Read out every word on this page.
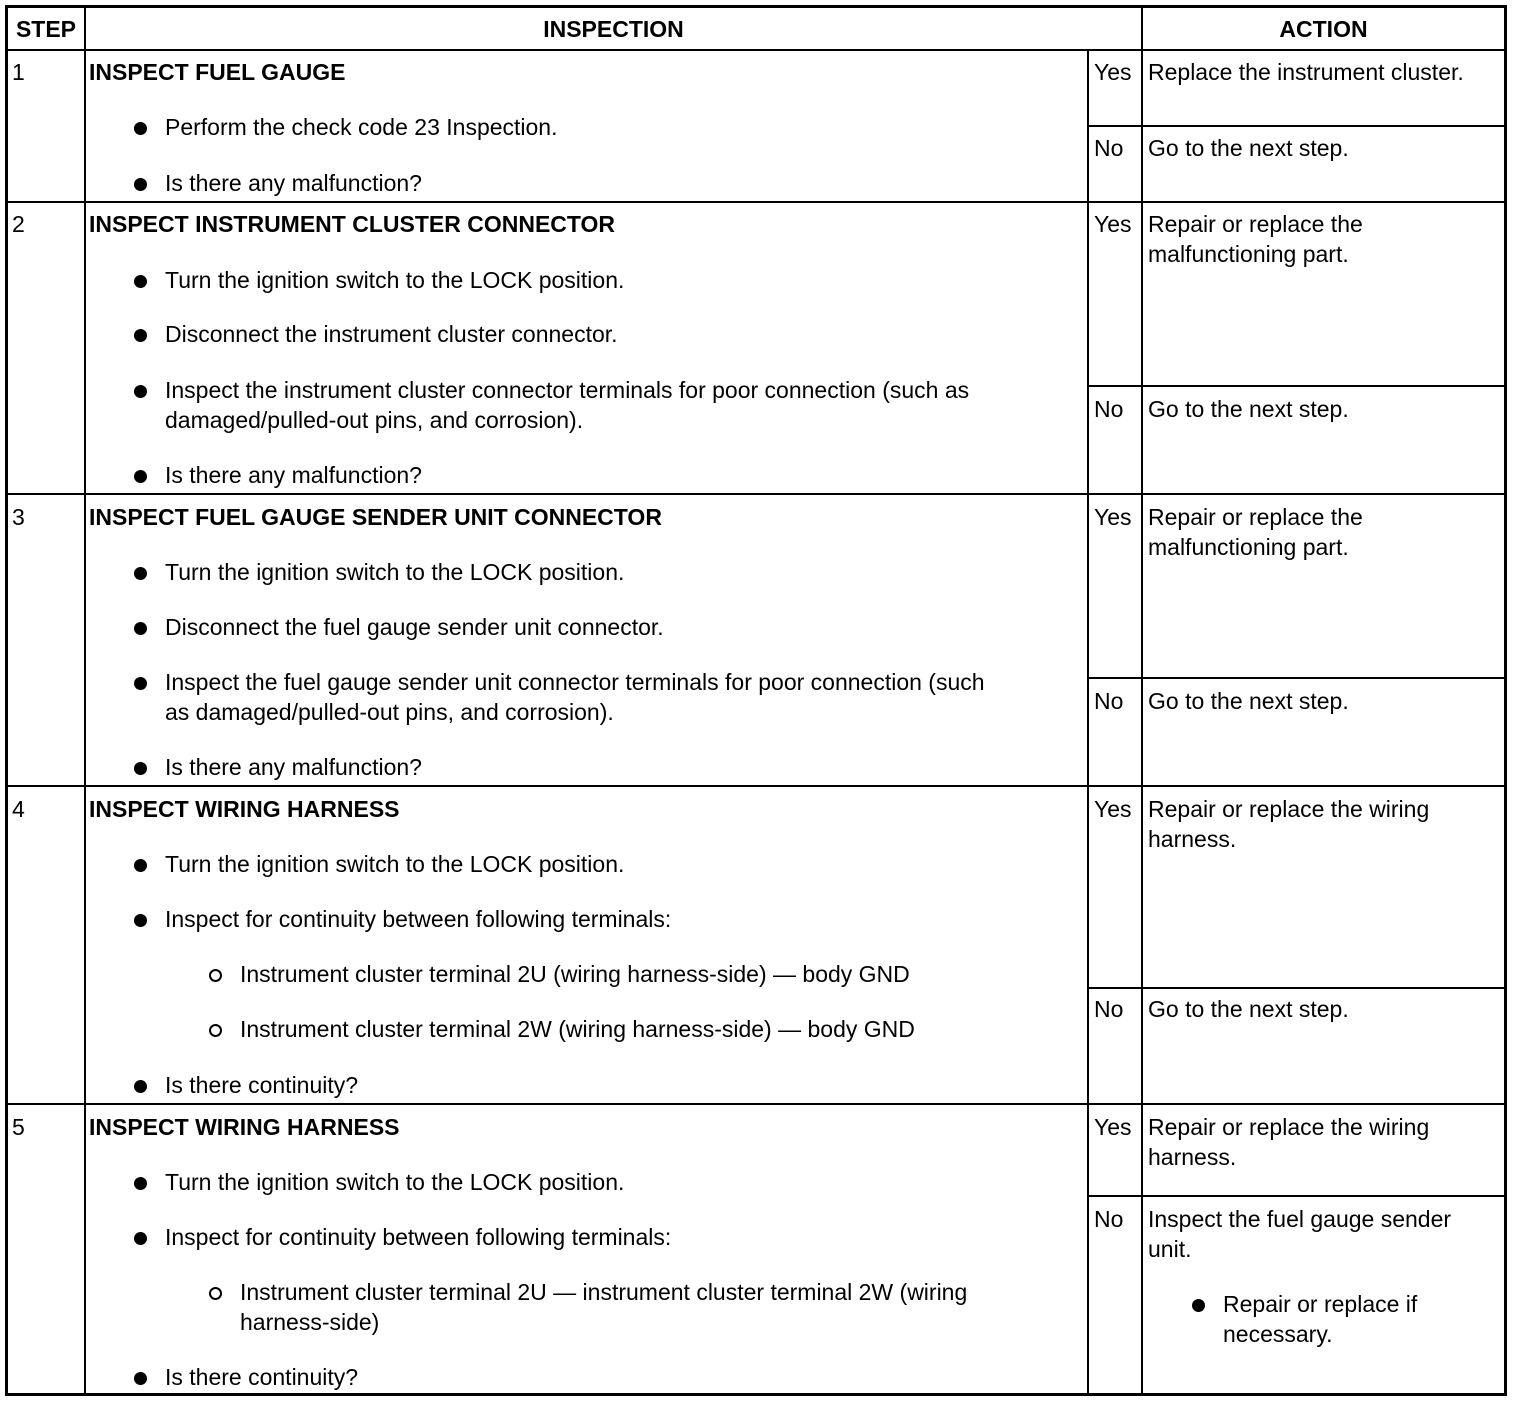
STEP	INSPECTION	ACTION
1	INSPECT FUEL GAUGE
Perform the check code 23 Inspection.
Is there any malfunction?
Yes Replace the instrument cluster.
No Go to the next step.
2	INSPECT INSTRUMENT CLUSTER CONNECTOR
Turn the ignition switch to the LOCK position.
Disconnect the instrument cluster connector.
Inspect the instrument cluster connector terminals for poor connection (such as
damaged/pulled-out pins, and corrosion).
Is there any malfunction?
Yes Repair or replace the
malfunctioning part.
No Go to the next step.
3	INSPECT FUEL GAUGE SENDER UNIT CONNECTOR
Turn the ignition switch to the LOCK position.
Disconnect the fuel gauge sender unit connector.
Inspect the fuel gauge sender unit connector terminals for poor connection (such
as damaged/pulled-out pins, and corrosion).
Is there any malfunction?
Yes Repair or replace the
malfunctioning part.
No Go to the next step.
4	INSPECT WIRING HARNESS
Turn the ignition switch to the LOCK position.
Inspect for continuity between following terminals:
Instrument cluster terminal 2U (wiring harness-side) — body GND
Instrument cluster terminal 2W (wiring harness-side) — body GND
Is there continuity?
Yes Repair or replace the wiring
harness.
No Go to the next step.
5	INSPECT WIRING HARNESS
Turn the ignition switch to the LOCK position.
Inspect for continuity between following terminals:
Instrument cluster terminal 2U — instrument cluster terminal 2W (wiring
harness-side)
Is there continuity?
Yes Repair or replace the wiring
harness.
No Inspect the fuel gauge sender
unit.
Repair or replace if
necessary.
